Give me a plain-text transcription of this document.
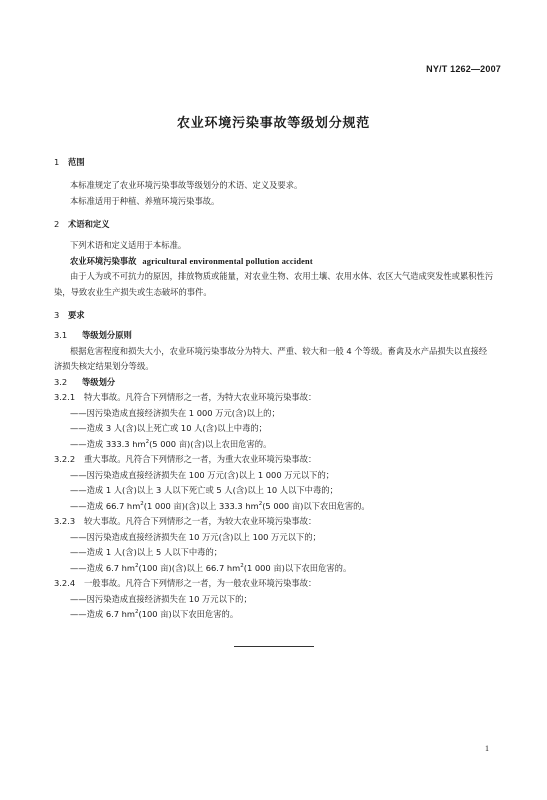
NY/T 1262—2007
农业环境污染事故等级划分规范
1 范围

本标准规定了农业环境污染事故等级划分的术语、定义及要求。

本标准适用于种植、养殖环境污染事故。

2 术语和定义

下列术语和定义适用于本标准。

农业环境污染事故 agricultural environmental pollution accident

由于人为或不可抗力的原因，排放物质或能量，对农业生物、农用土壤、农用水体、农区大气造成突发性或累积性污染，导致农业生产损失或生态破坏的事件。

3 要求

3.1 等级划分原则

根据危害程度和损失大小，农业环境污染事故分为特大、严重、较大和一般 4 个等级。畜禽及水产品损失以直接经济损失核定结果划分等级。

3.2 等级划分

3.2.1 特大事故。凡符合下列情形之一者，为特大农业环境污染事故：

——因污染造成直接经济损失在 1 000 万元(含)以上的；

——造成 3 人(含)以上死亡或 10 人(含)以上中毒的；

——造成 333.3 $hm^2(5$ 000 亩)(含)以上农田危害的。

3.2.2 重大事故。凡符合下列情形之一者，为重大农业环境污染事故：

——因污染造成直接经济损失在 100 万元(含)以上 1 000 万元以下的；

——造成 1 人(含)以上 3 人以下死亡或 5 人(含)以上 10 人以下中毒的；

——造成 66.7 $hm^2(1$ 000 亩)(含)以上 333.3 $hm^2(5$ 000 亩)以下农田危害的。

3.2.3 较大事故。凡符合下列情形之一者，为较大农业环境污染事故：

——因污染造成直接经济损失在 10 万元(含)以上 100 万元以下的；

——造成 1 人(含)以上 5 人以下中毒的；

——造成 6.7 $hm^2(100$ 亩)(含)以上 66.7 $hm^2(1$ 000 亩)以下农田危害的。

3.2.4 一般事故。凡符合下列情形之一者，为一般农业环境污染事故：

——因污染造成直接经济损失在 10 万元以下的；

——造成 6.7 $hm^2(100$ 亩)以下农田危害的。

1
